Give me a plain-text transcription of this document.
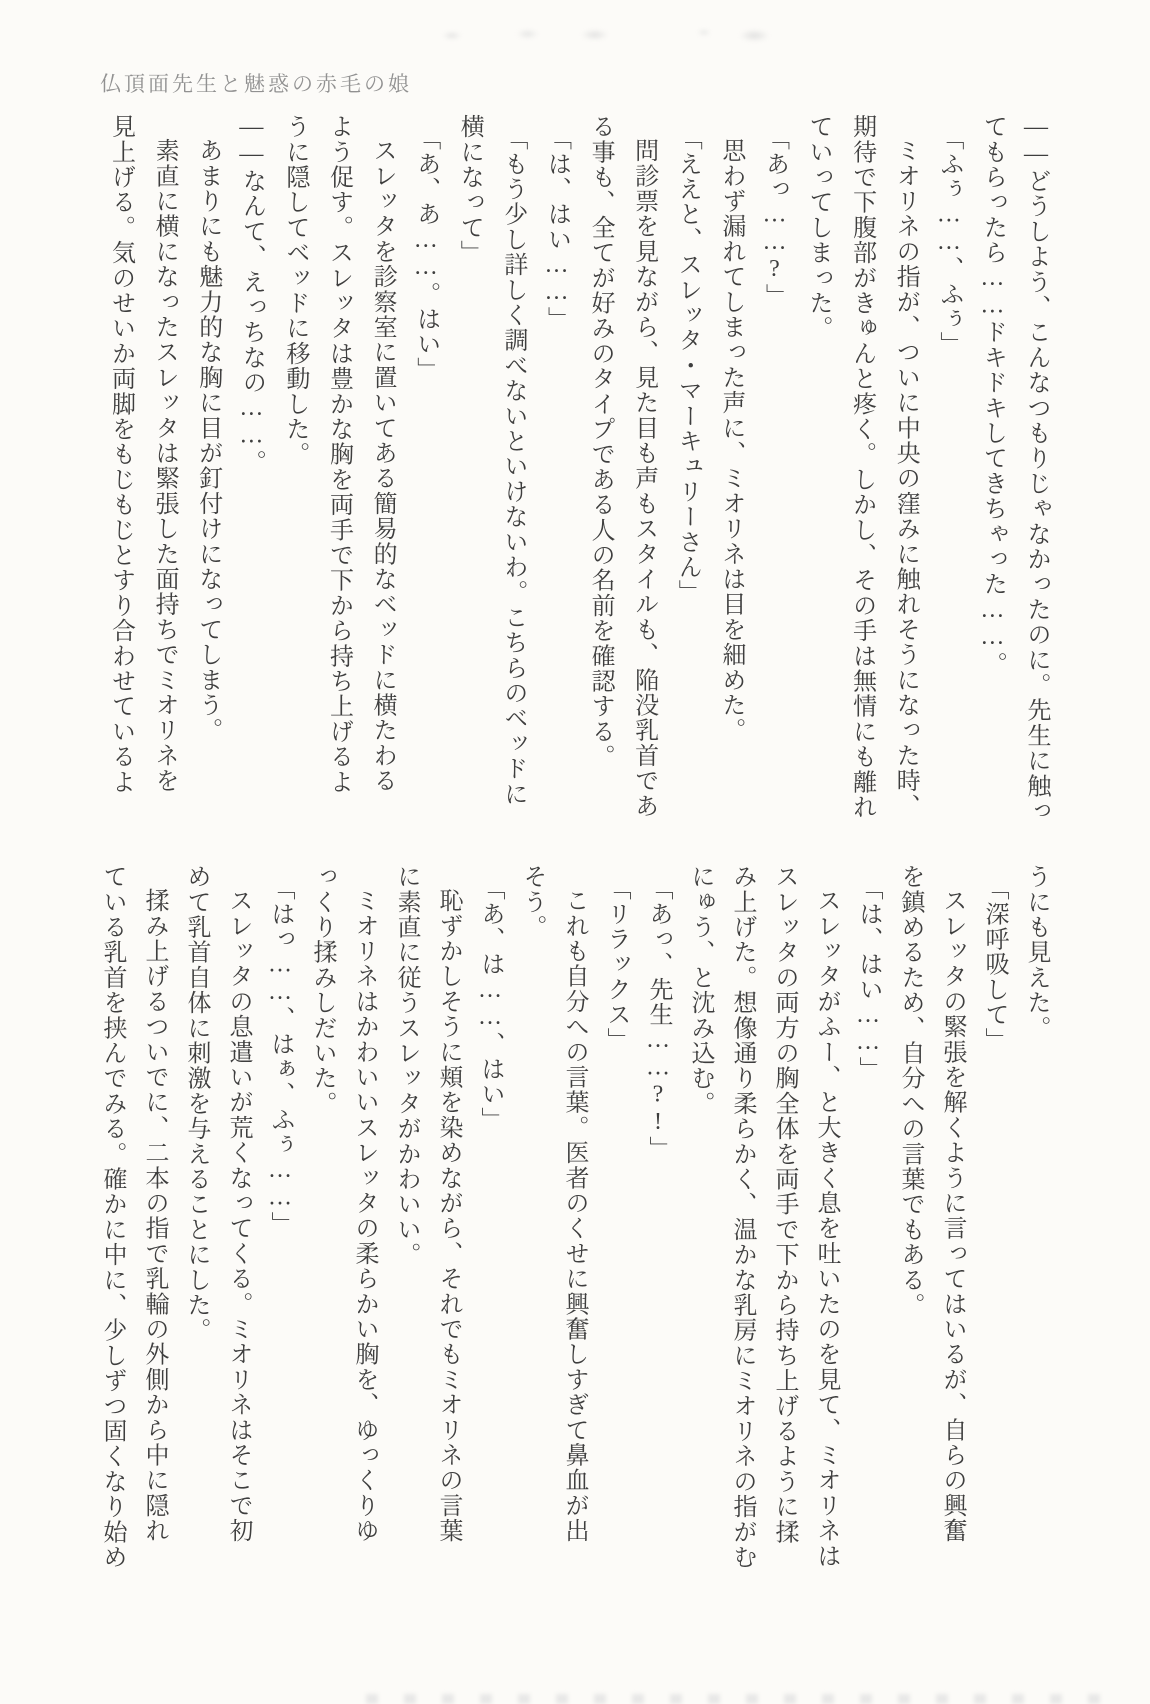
仏頂面先生と魅惑の赤毛の娘

――どうしよう、こんなつもりじゃなかったのに。先生に触っ

てもらったら……ドキドキしてきちゃった……。

「ふぅ……、ふぅ」

ミオリネの指が、ついに中央の窪みに触れそうになった時、

期待で下腹部がきゅんと疼く。しかし、その手は無情にも離れ

ていってしまった。

「あっ……?」

思わず漏れてしまった声に、ミオリネは目を細めた。

「ええと、スレッタ・マーキュリーさん」

問診票を見ながら、見た目も声もスタイルも、陥没乳首であ

る事も、全てが好みのタイプである人の名前を確認する。

「は、はい……」

「もう少し詳しく調べないといけないわ。こちらのベッドに

横になって」

「あ、あ……。はい」

スレッタを診察室に置いてある簡易的なベッドに横たわる

よう促す。スレッタは豊かな胸を両手で下から持ち上げるよ

うに隠してベッドに移動した。

――なんて、えっちなの……。

あまりにも魅力的な胸に目が釘付けになってしまう。

素直に横になったスレッタは緊張した面持ちでミオリネを

見上げる。気のせいか両脚をもじもじとすり合わせているよ

うにも見えた。

「深呼吸して」

スレッタの緊張を解くように言ってはいるが、自らの興奮

を鎮めるため、自分への言葉でもある。

「は、はい……」

スレッタがふー、と大きく息を吐いたのを見て、ミオリネは

スレッタの両方の胸全体を両手で下から持ち上げるように揉

み上げた。想像通り柔らかく、温かな乳房にミオリネの指がむ

にゅう、と沈み込む。

「あっ、先生……?!」

「リラックス」

これも自分への言葉。医者のくせに興奮しすぎて鼻血が出

そう。

「あ、は……、はい」

恥ずかしそうに頬を染めながら、それでもミオリネの言葉

に素直に従うスレッタがかわいい。

ミオリネはかわいいスレッタの柔らかい胸を、ゆっくりゆ

っくり揉みしだいた。

「はっ……、はぁ、ふぅ……」

スレッタの息遣いが荒くなってくる。ミオリネはそこで初

めて乳首自体に刺激を与えることにした。

揉み上げるついでに、二本の指で乳輪の外側から中に隠れ

ている乳首を挟んでみる。確かに中に、少しずつ固くなり始め
